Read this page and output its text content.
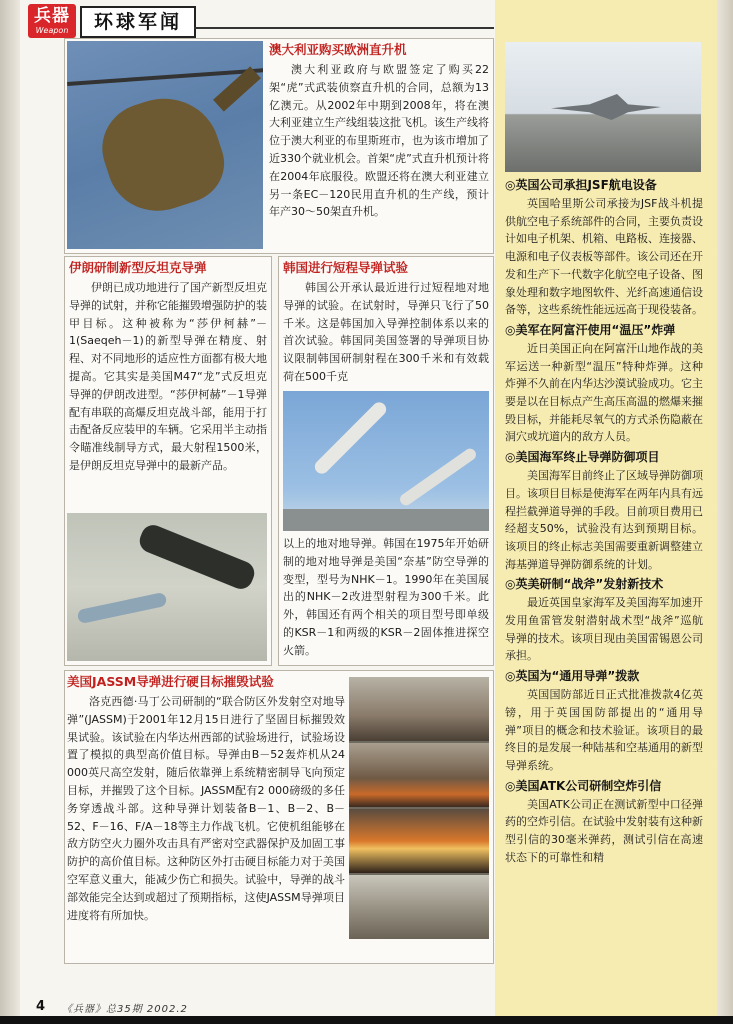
兵器
Weapon	环球军闻
澳大利亚购买欧洲直升机

澳大利亚政府与欧盟签定了购买22架“虎”式武装侦察直升机的合同，总额为13亿澳元。从2002年中期到2008年，将在澳大利亚建立生产线组装这批飞机。该生产线将位于澳大利亚的布里斯班市，也为该市增加了近330个就业机会。首架“虎”式直升机预计将在2004年底服役。欧盟还将在澳大利亚建立另一条EC－120民用直升机的生产线，预计年产30～50架直升机。

伊朗研制新型反坦克导弹

伊朗已成功地进行了国产新型反坦克导弹的试射，并称它能摧毁增强防护的装甲目标。这种被称为“莎伊柯赫”－1(Saeqeh－1)的新型导弹在精度、射程、对不同地形的适应性方面都有极大地提高。它其实是美国M47“龙”式反坦克导弹的伊朗改进型。“莎伊柯赫”－1导弹配有串联的高爆反坦克战斗部，能用于打击配备反应装甲的车辆。它采用半主动指令瞄准线制导方式，最大射程1500米，是伊朗反坦克导弹中的最新产品。

韩国进行短程导弹试验

韩国公开承认最近进行过短程地对地导弹的试验。在试射时，导弹只飞行了50千米。这是韩国加入导弹控制体系以来的首次试验。韩国同美国签署的导弹项目协议限制韩国研制射程在300千米和有效载荷在500千克

以上的地对地导弹。韩国在1975年开始研制的地对地导弹是美国“奈基”防空导弹的变型，型号为NHK－1。1990年在美国展出的NHK－2改进型射程为300千米。此外，韩国还有两个相关的项目型号即单级的KSR－1和两级的KSR－2固体推进探空火箭。
美国JASSM导弹进行硬目标摧毁试验

洛克西德·马丁公司研制的“联合防区外发射空对地导弹”(JASSM)于2001年12月15日进行了坚固目标摧毁效果试验。该试验在内华达州西部的试验场进行，试验场设置了模拟的典型高价值目标。导弹由B－52轰炸机从24 000英尺高空发射，随后依靠弹上系统精密制导飞向预定目标，并摧毁了这个目标。JASSM配有2 000磅级的多任务穿透战斗部。这种导弹计划装备B－1、B－2、B－52、F－16、F/A－18等主力作战飞机。它使机组能够在敌方防空火力圈外攻击具有严密对空武器保护及加固工事防护的高价值目标。这种防区外打击硬目标能力对于美国空军意义重大，能减少伤亡和损失。试验中，导弹的战斗部效能完全达到或超过了预期指标，这使JASSM导弹项目进度将有所加快。

◎英国公司承担JSF航电设备

英国哈里斯公司承接为JSF战斗机提供航空电子系统部件的合同，主要负责设计如电子机架、机箱、电路板、连接器、电源和电子仪表板等部件。该公司还在开发和生产下一代数字化航空电子设备、图象处理和数字地图软件、光纤高速通信设备等，这些系统性能远远高于现役装备。

◎美军在阿富汗使用“温压”炸弹

近日美国正向在阿富汗山地作战的美军运送一种新型“温压”特种炸弹。这种炸弹不久前在内华达沙漠试验成功。它主要是以在目标点产生高压高温的燃爆来摧毁目标，并能耗尽氧气的方式杀伤隐蔽在洞穴或坑道内的敌方人员。

◎美国海军终止导弹防御项目

美国海军目前终止了区域导弹防御项目。该项目目标是使海军在两年内具有远程拦截弹道导弹的手段。目前项目费用已经超支50%，试验没有达到预期目标。该项目的终止标志美国需要重新调整建立海基弹道导弹防御系统的计划。

◎英美研制“战斧”发射新技术

最近英国皇家海军及美国海军加速开发用鱼雷管发射潜射战术型“战斧”巡航导弹的技术。该项目现由美国雷锡恩公司承担。

◎英国为“通用导弹”拨款

英国国防部近日正式批准拨款4亿英镑，用于英国国防部提出的“通用导弹”项目的概念和技术验证。该项目的最终目的是发展一种陆基和空基通用的新型导弹系统。

◎美国ATK公司研制空炸引信

美国ATK公司正在测试新型中口径弹药的空炸引信。在试验中发射装有这种新型引信的30毫米弹药，测试引信在高速状态下的可靠性和精

4 《兵器》总35期 2002.2
